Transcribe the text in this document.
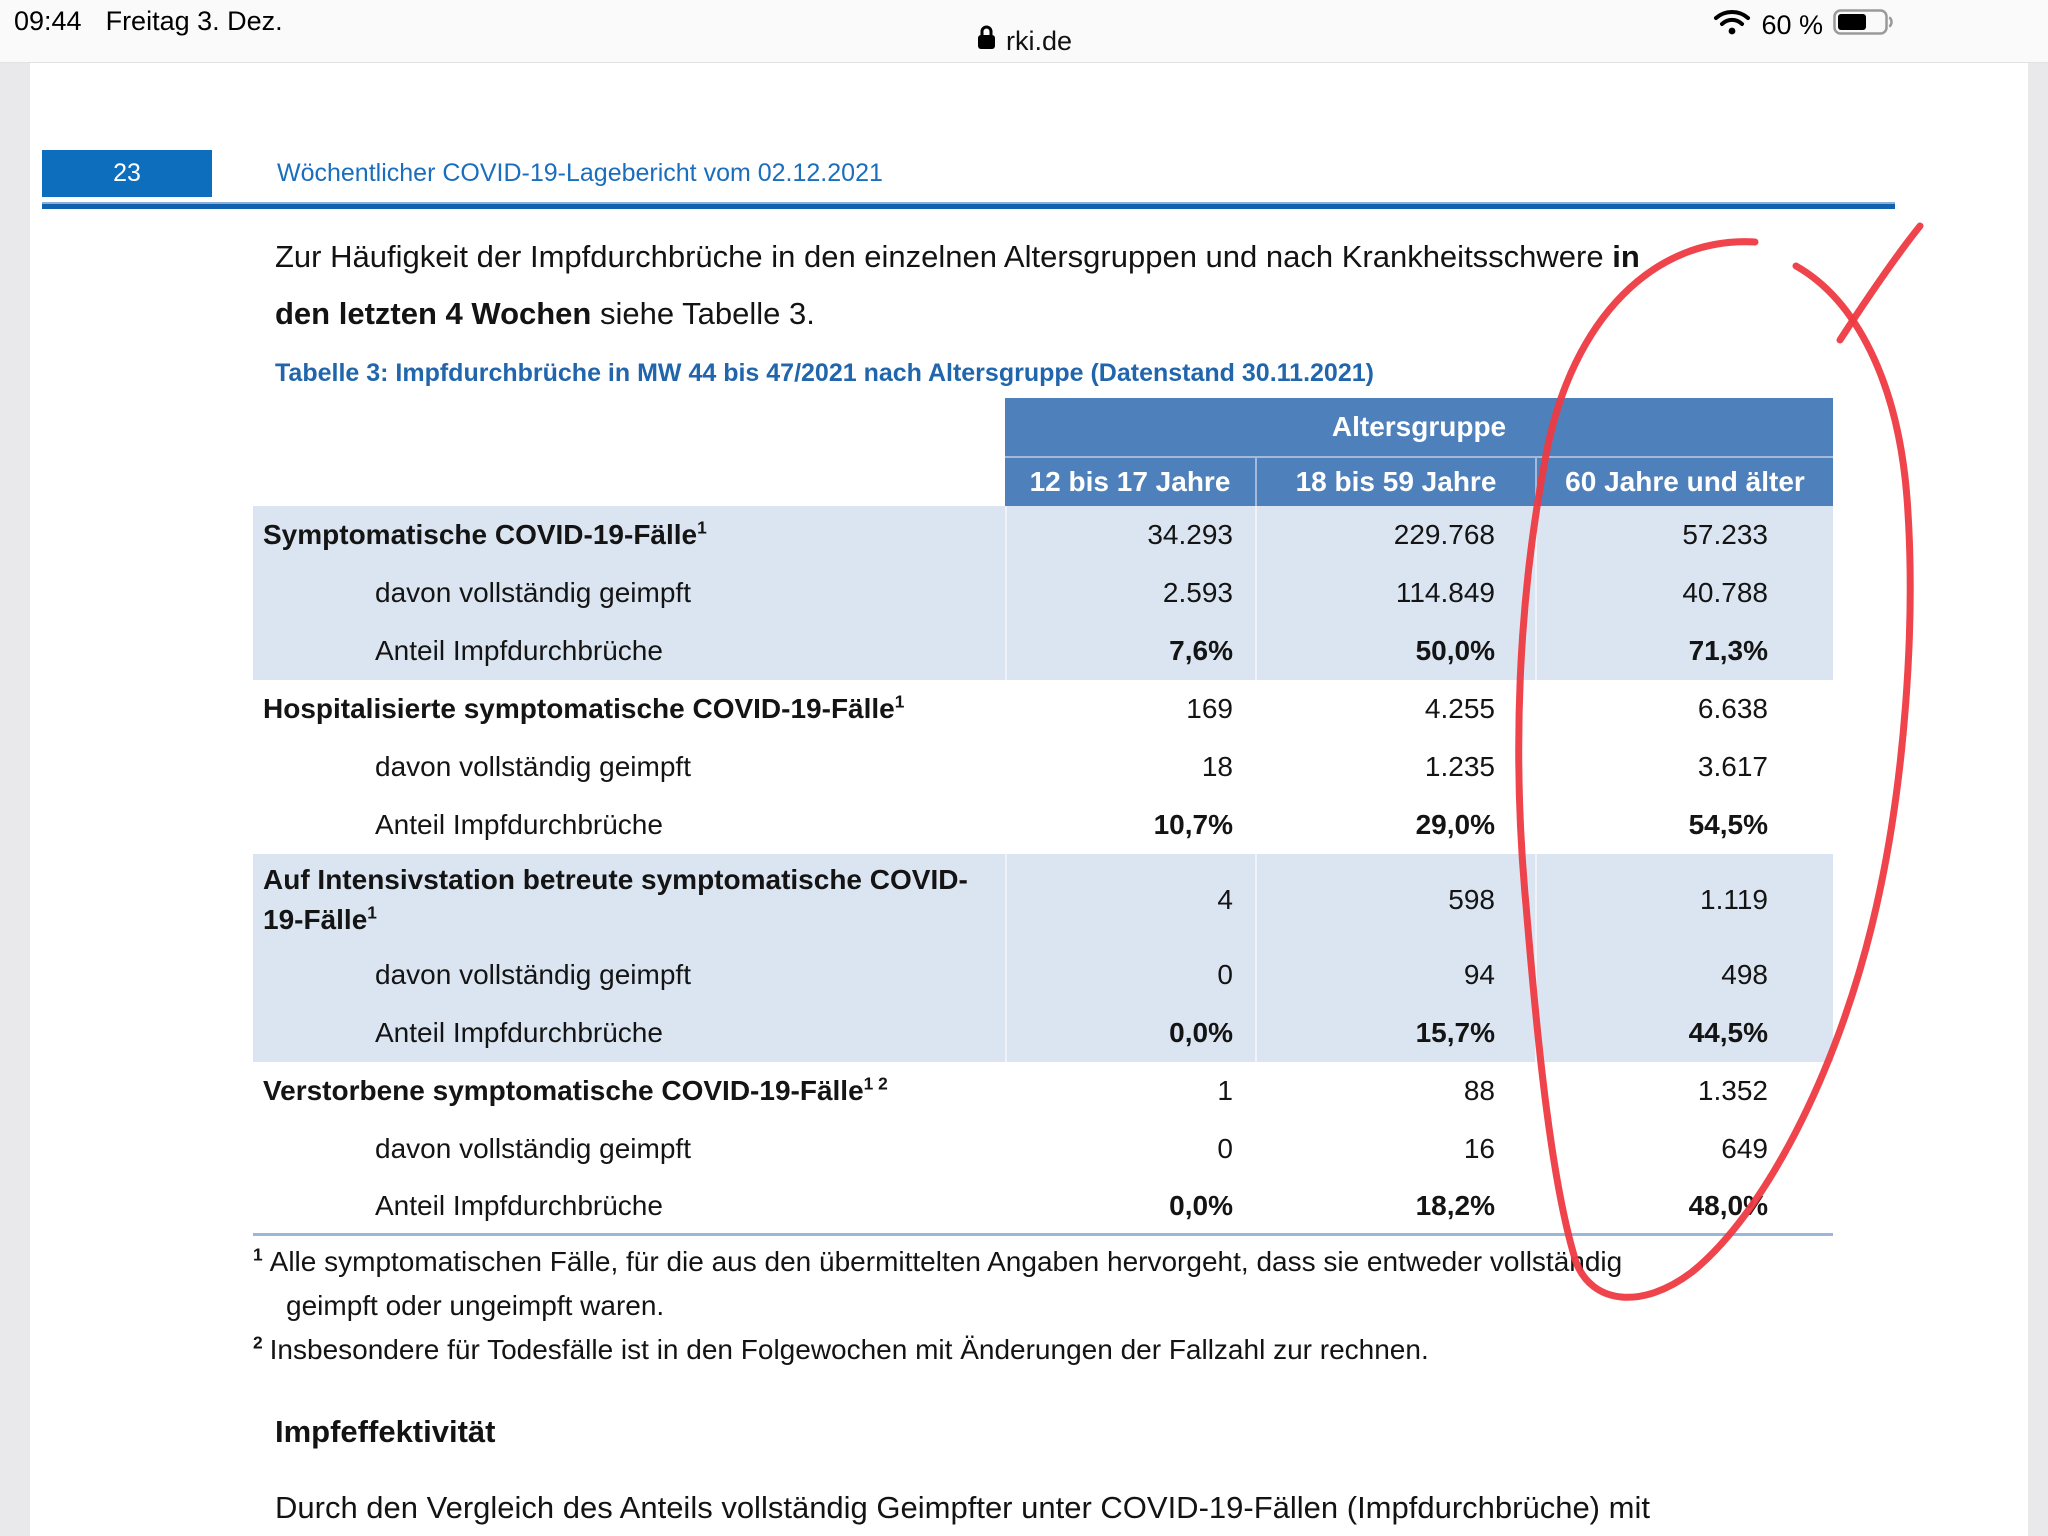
09:44 Freitag 3. Dez.	60 %
rki.de
23	Wöchentlicher COVID-19-Lagebericht vom 02.12.2021
Zur Häufigkeit der Impfdurchbrüche in den einzelnen Altersgruppen und nach Krankheitsschwere in
den letzten 4 Wochen siehe Tabelle 3.
Tabelle 3: Impfdurchbrüche in MW 44 bis 47/2021 nach Altersgruppe (Datenstand 30.11.2021)
Altersgruppe
12 bis 17 Jahre	18 bis 59 Jahre	60 Jahre und älter
Symptomatische COVID-19-Fälle$^1$	34.293	229.768	57.233
davon vollständig geimpft	2.593	114.849	40.788
Anteil Impfdurchbrüche	7,6%	50,0%	71,3%
Hospitalisierte symptomatische COVID-19-Fälle$^1$	169	4.255	6.638
davon vollständig geimpft	18	1.235	3.617
Anteil Impfdurchbrüche	10,7%	29,0%	54,5%
Auf Intensivstation betreute symptomatische COVID-19-Fälle$^1$	4	598	1.119
davon vollständig geimpft	0	94	498
Anteil Impfdurchbrüche	0,0%	15,7%	44,5%
Verstorbene symptomatische COVID-19-Fälle$^{1 2}$	1	88	1.352
davon vollständig geimpft	0	16	649
Anteil Impfdurchbrüche	0,0%	18,2%	48,0%
$^1$ Alle symptomatischen Fälle, für die aus den übermittelten Angaben hervorgeht, dass sie entweder vollständig
geimpft oder ungeimpft waren.
$^2$ Insbesondere für Todesfälle ist in den Folgewochen mit Änderungen der Fallzahl zur rechnen.
Impfeffektivität
Durch den Vergleich des Anteils vollständig Geimpfter unter COVID-19-Fällen (Impfdurchbrüche) mit
